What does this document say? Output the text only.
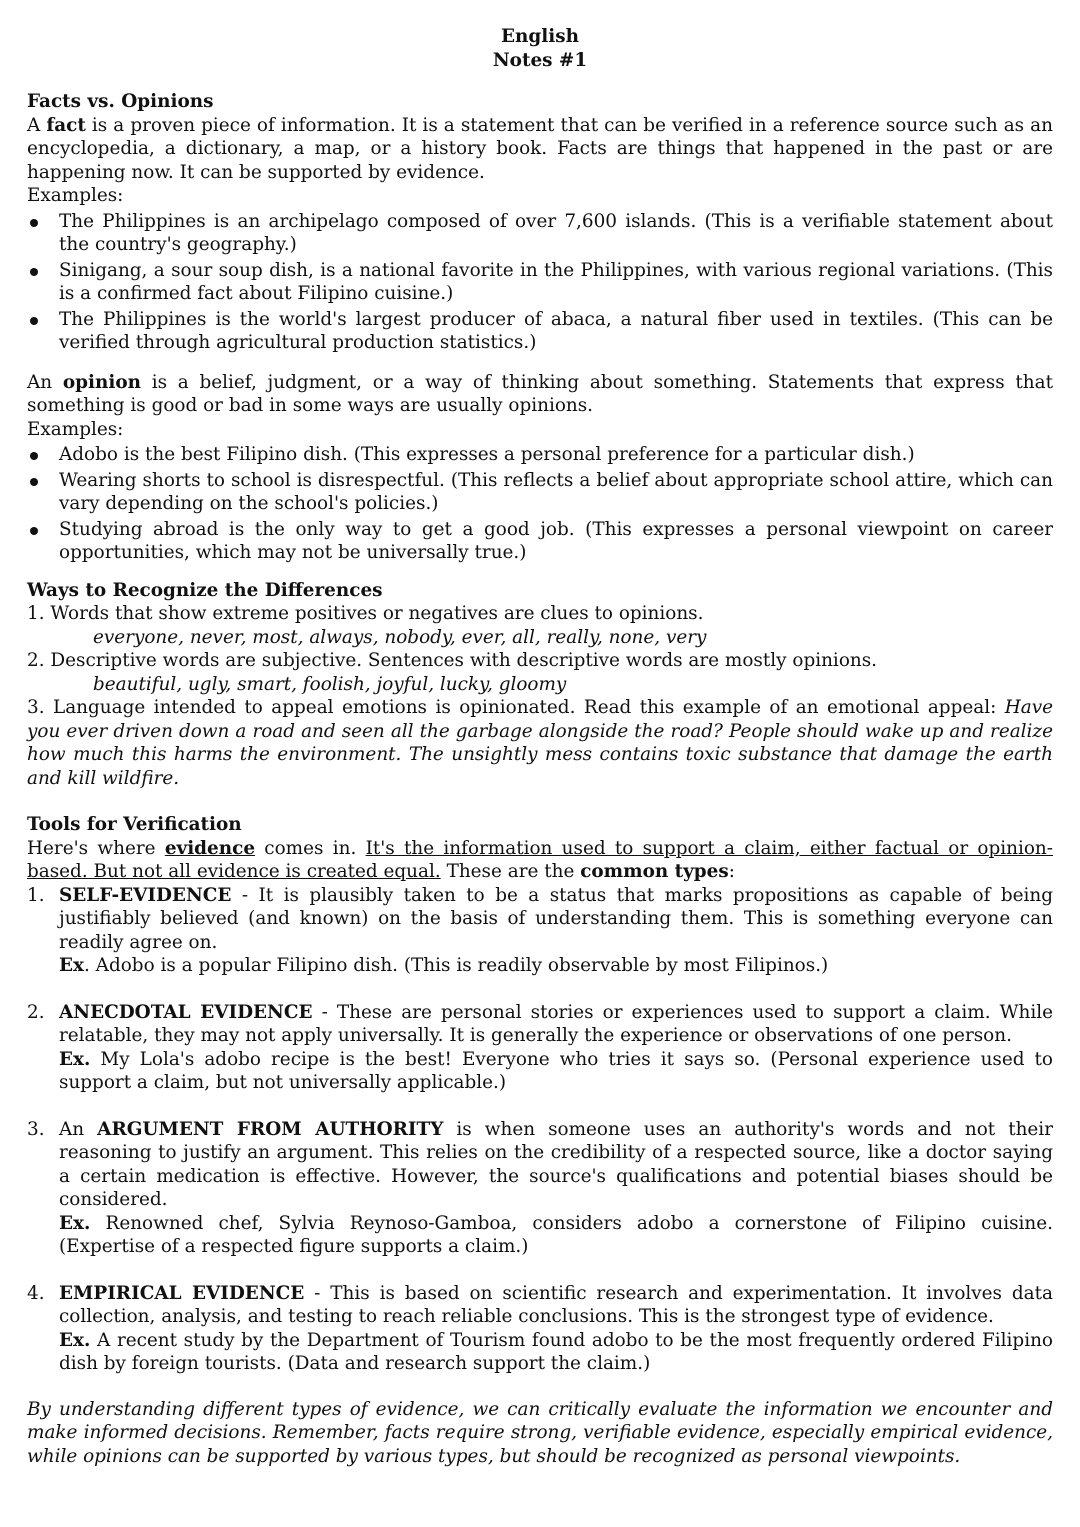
English
Notes #1
Facts vs. Opinions

A fact is a proven piece of information. It is a statement that can be verified in a reference source such as an encyclopedia, a dictionary, a map, or a history book. Facts are things that happened in the past or are happening now. It can be supported by evidence.

Examples:
The Philippines is an archipelago composed of over 7,600 islands. (This is a verifiable statement about the country's geography.)
Sinigang, a sour soup dish, is a national favorite in the Philippines, with various regional variations. (This is a confirmed fact about Filipino cuisine.)
The Philippines is the world's largest producer of abaca, a natural fiber used in textiles. (This can be verified through agricultural production statistics.)

An opinion is a belief, judgment, or a way of thinking about something. Statements that express that something is good or bad in some ways are usually opinions.

Examples:
Adobo is the best Filipino dish. (This expresses a personal preference for a particular dish.)
Wearing shorts to school is disrespectful. (This reflects a belief about appropriate school attire, which can vary depending on the school's policies.)
Studying abroad is the only way to get a good job. (This expresses a personal viewpoint on career opportunities, which may not be universally true.)
Ways to Recognize the Differences
1. Words that show extreme positives or negatives are clues to opinions.
everyone, never, most, always, nobody, ever, all, really, none, very
2. Descriptive words are subjective. Sentences with descriptive words are mostly opinions.
beautiful, ugly, smart, foolish, joyful, lucky, gloomy

3. Language intended to appeal emotions is opinionated. Read this example of an emotional appeal: Have you ever driven down a road and seen all the garbage alongside the road? People should wake up and realize how much this harms the environment. The unsightly mess contains toxic substance that damage the earth and kill wildfire.

Tools for Verification

Here's where evidence comes in. It's the information used to support a claim, either factual or opinion-based. But not all evidence is created equal. These are the common types:

1. SELF-EVIDENCE - It is plausibly taken to be a status that marks propositions as capable of being justifiably believed (and known) on the basis of understanding them. This is something everyone can readily agree on.
Ex. Adobo is a popular Filipino dish. (This is readily observable by most Filipinos.)
2. ANECDOTAL EVIDENCE - These are personal stories or experiences used to support a claim. While relatable, they may not apply universally. It is generally the experience or observations of one person.
Ex. My Lola's adobo recipe is the best! Everyone who tries it says so. (Personal experience used to support a claim, but not universally applicable.)
3. An ARGUMENT FROM AUTHORITY is when someone uses an authority's words and not their reasoning to justify an argument. This relies on the credibility of a respected source, like a doctor saying a certain medication is effective. However, the source's qualifications and potential biases should be considered.
Ex. Renowned chef, Sylvia Reynoso-Gamboa, considers adobo a cornerstone of Filipino cuisine. (Expertise of a respected figure supports a claim.)
4. EMPIRICAL EVIDENCE - This is based on scientific research and experimentation. It involves data collection, analysis, and testing to reach reliable conclusions. This is the strongest type of evidence.
Ex. A recent study by the Department of Tourism found adobo to be the most frequently ordered Filipino dish by foreign tourists. (Data and research support the claim.)

By understanding different types of evidence, we can critically evaluate the information we encounter and make informed decisions. Remember, facts require strong, verifiable evidence, especially empirical evidence, while opinions can be supported by various types, but should be recognized as personal viewpoints.
